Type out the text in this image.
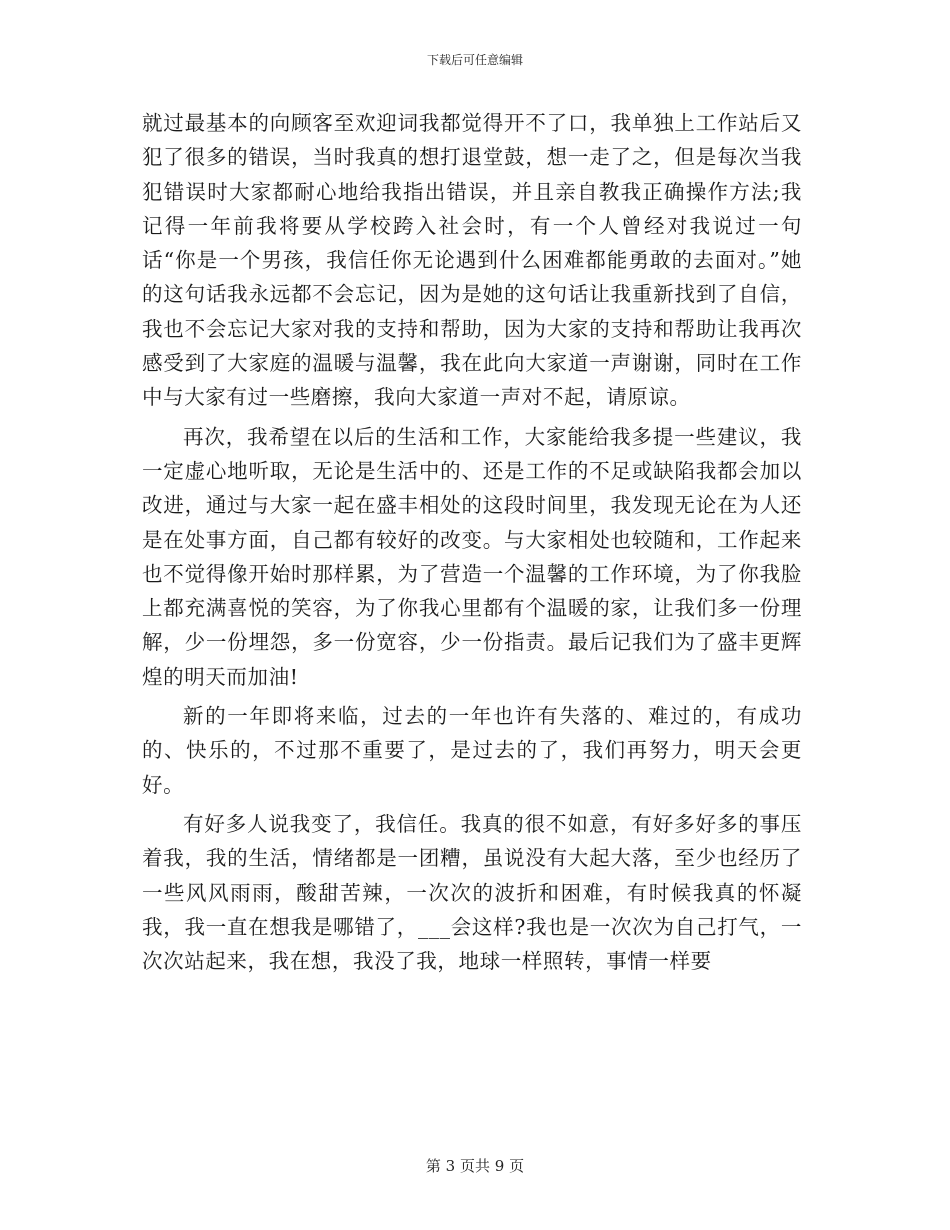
下载后可任意编辑

就过最基本的向顾客至欢迎词我都觉得开不了口，我单独上工作站后又犯了很多的错误，当时我真的想打退堂鼓，想一走了之，但是每次当我犯错误时大家都耐心地给我指出错误，并且亲自教我正确操作方法;我记得一年前我将要从学校跨入社会时，有一个人曾经对我说过一句话“你是一个男孩，我信任你无论遇到什么困难都能勇敢的去面对。”她的这句话我永远都不会忘记，因为是她的这句话让我重新找到了自信，我也不会忘记大家对我的支持和帮助，因为大家的支持和帮助让我再次感受到了大家庭的温暖与温馨，我在此向大家道一声谢谢，同时在工作中与大家有过一些磨擦，我向大家道一声对不起，请原谅。

再次，我希望在以后的生活和工作，大家能给我多提一些建议，我一定虚心地听取，无论是生活中的、还是工作的不足或缺陷我都会加以改进，通过与大家一起在盛丰相处的这段时间里，我发现无论在为人还是在处事方面，自己都有较好的改变。与大家相处也较随和，工作起来也不觉得像开始时那样累，为了营造一个温馨的工作环境，为了你我脸上都充满喜悦的笑容，为了你我心里都有个温暖的家，让我们多一份理解，少一份埋怨，多一份宽容，少一份指责。最后记我们为了盛丰更辉煌的明天而加油!

新的一年即将来临，过去的一年也许有失落的、难过的，有成功的、快乐的，不过那不重要了，是过去的了，我们再努力，明天会更好。

有好多人说我变了，我信任。我真的很不如意，有好多好多的事压着我，我的生活，情绪都是一团糟，虽说没有大起大落，至少也经历了一些风风雨雨，酸甜苦辣，一次次的波折和困难，有时候我真的怀凝我，我一直在想我是哪错了，___会这样?我也是一次次为自己打气，一次次站起来，我在想，我没了我，地球一样照转，事情一样要

第 3 页共 9 页
